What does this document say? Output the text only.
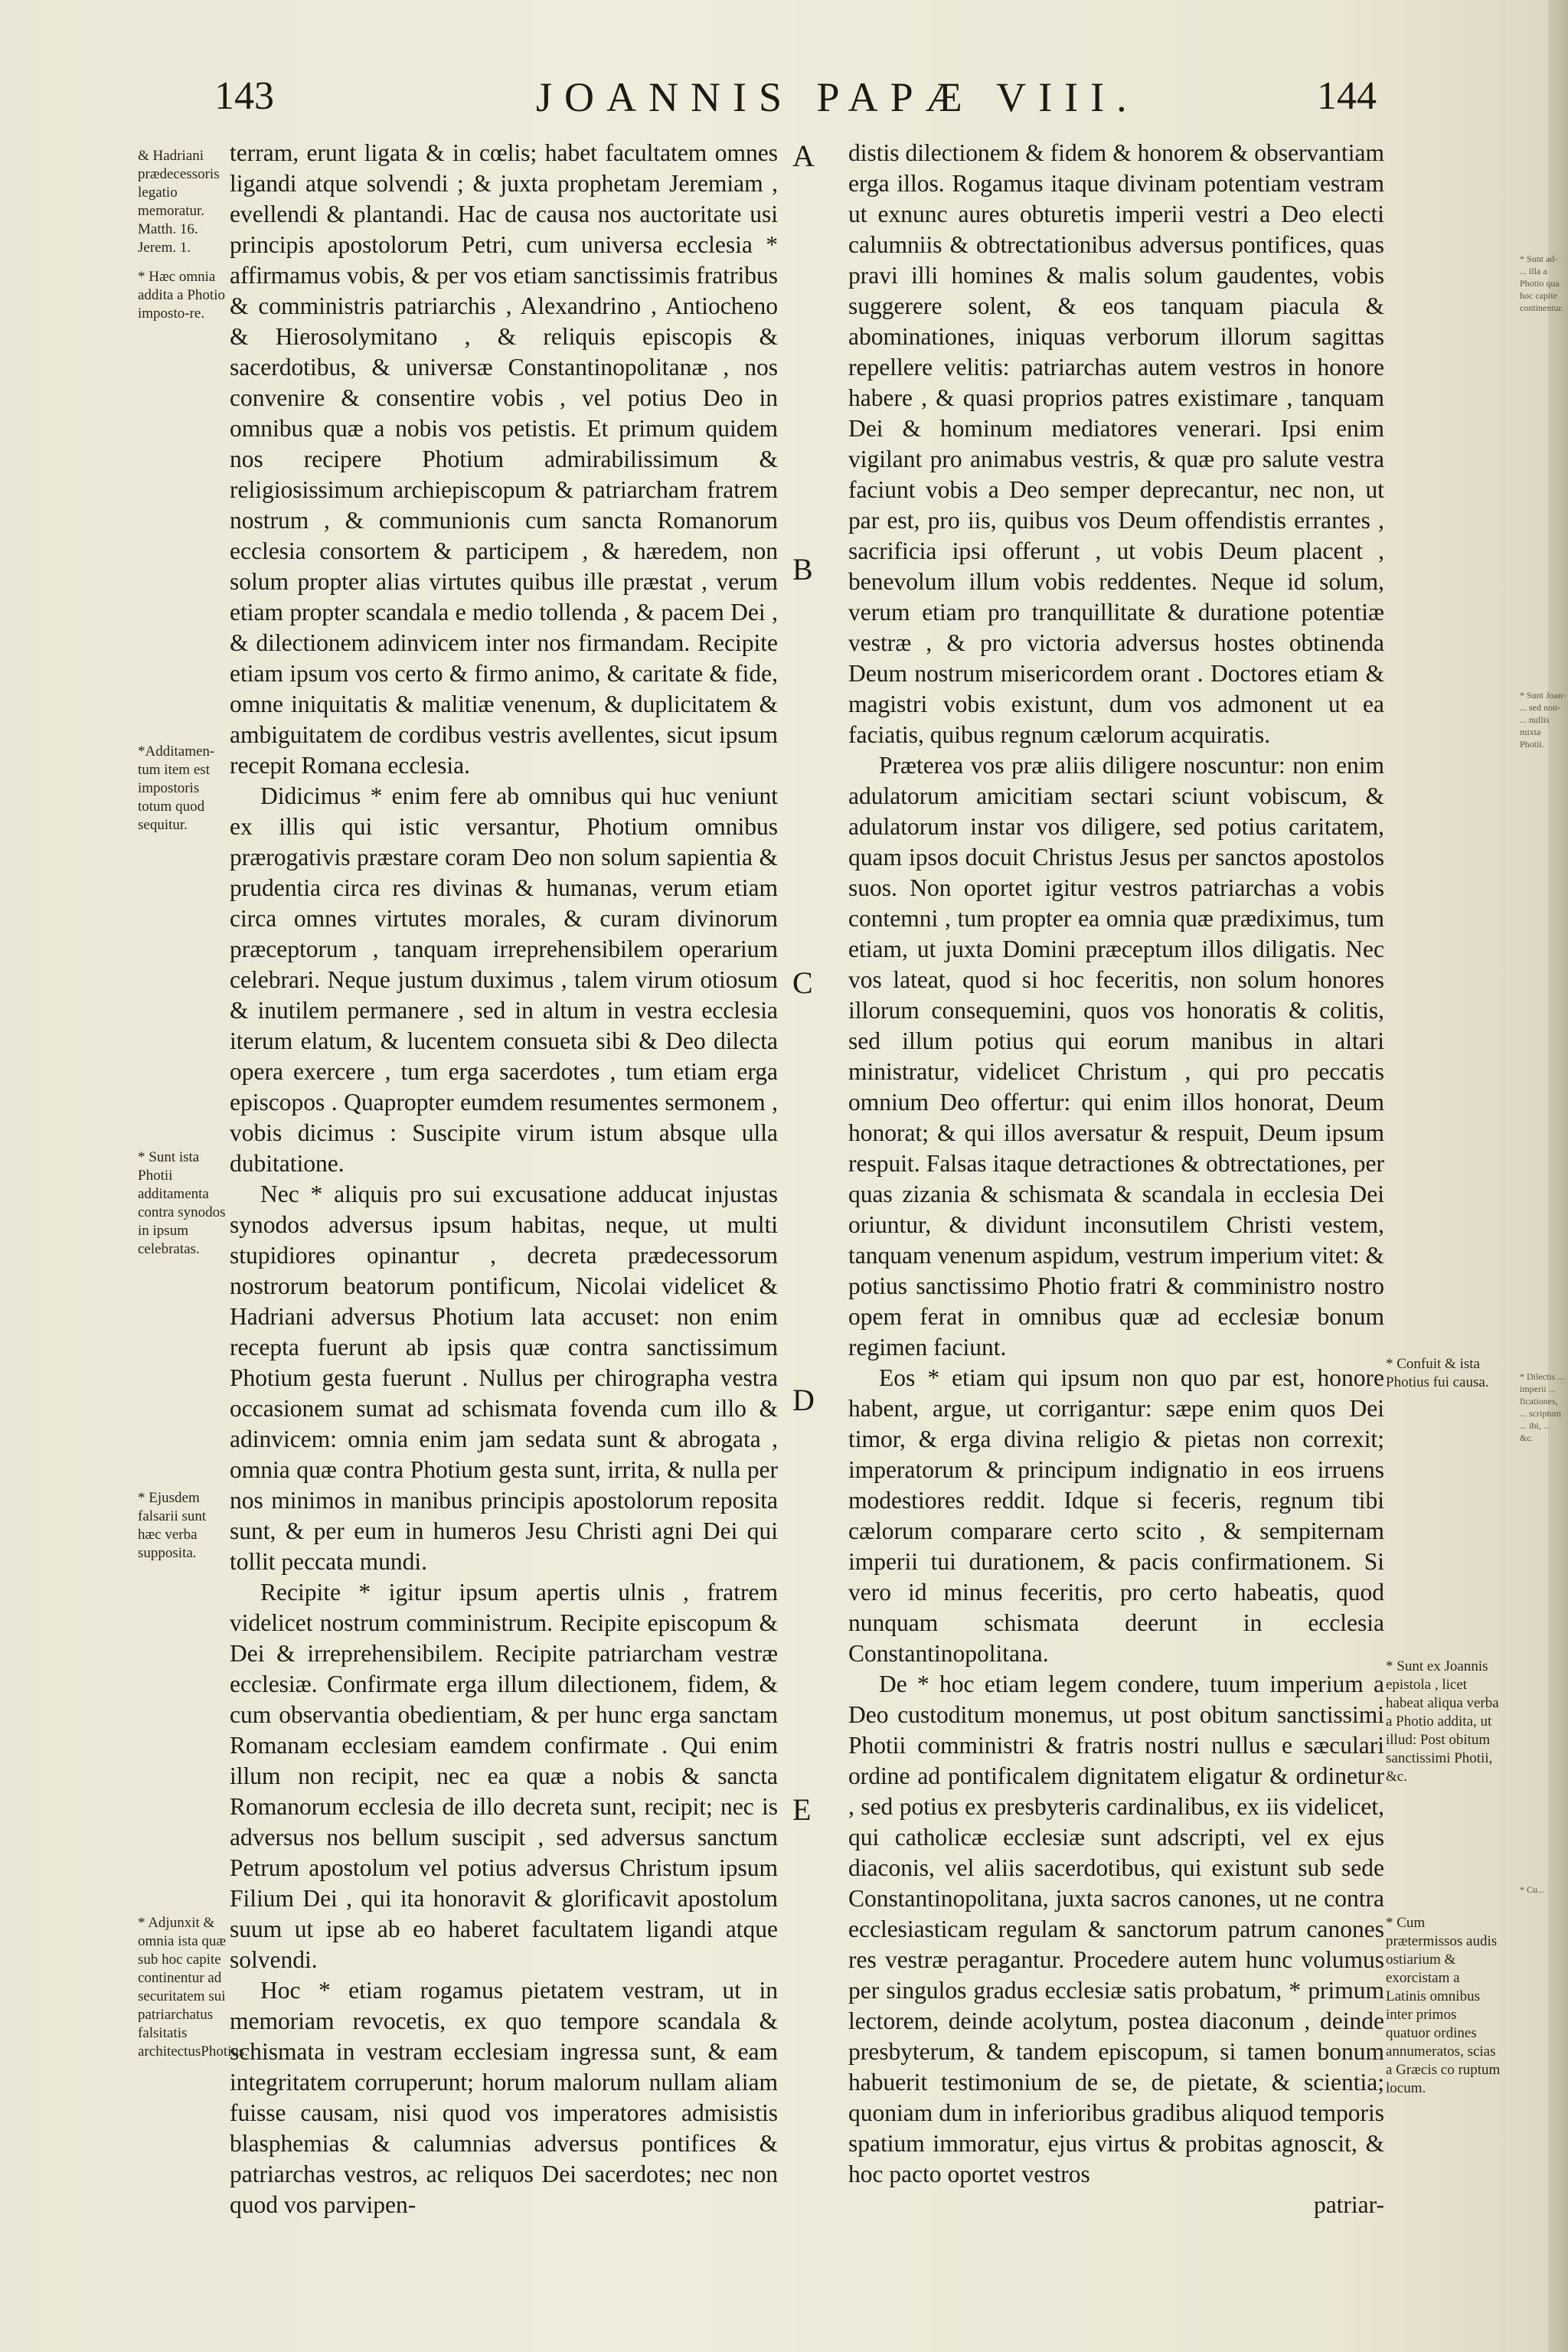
143	JOANNIS PAPÆ VIII.	144
A
B
C
D
E
& Hadriani prædecessoris legatio memoratur. Matth. 16. Jerem. 1.
* Hæc omnia addita a Photio imposto-re.
*Additamen-tum item est impostoris totum quod sequitur.
* Sunt ista Photii additamenta contra synodos in ipsum celebratas.
* Ejusdem falsarii sunt hæc verba supposita.
* Adjunxit & omnia ista quæ sub hoc capite continentur ad securitatem sui patriarchatus falsitatis architectusPhotius.
* Confuit & ista Photius fui causa.
* Sunt ex Joannis epistola , licet habeat aliqua verba a Photio addita, ut illud: Post obitum sanctissimi Photii, &c.
* Cum prætermissos audis ostiarium & exorcistam a Latinis omnibus inter primos quatuor ordines annumeratos, scias a Græcis co ruptum locum.
* Sunt ad- ... illa a Photio qua hoc capite continentur.
* Sunt Joan- ... sed non- ... nullis mixta Photii.
* Dilectis ... imperii ... ficationes, ... scriptum ... ibi, ... &c.
* Cu...

terram, erunt ligata & in cœlis; habet facultatem omnes ligandi atque solvendi ; & juxta prophetam Jeremiam , evellendi & plantandi. Hac de causa nos auctoritate usi principis apostolorum Petri, cum universa ecclesia * affirmamus vobis, & per vos etiam sanctissimis fratribus & comministris patriarchis , Alexandrino , Antiocheno & Hierosolymitano , & reliquis episcopis & sacerdotibus, & universæ Constantinopolitanæ , nos convenire & consentire vobis , vel potius Deo in omnibus quæ a nobis vos petistis. Et primum quidem nos recipere Photium admirabilissimum & religiosissimum archiepiscopum & patriarcham fratrem nostrum , & communionis cum sancta Romanorum ecclesia consortem & participem , & hæredem, non solum propter alias virtutes quibus ille præstat , verum etiam propter scandala e medio tollenda , & pacem Dei , & dilectionem adinvicem inter nos firmandam. Recipite etiam ipsum vos certo & firmo animo, & caritate & fide, omne iniquitatis & malitiæ venenum, & duplicitatem & ambiguitatem de cordibus vestris avellentes, sicut ipsum recepit Romana ecclesia.

Didicimus * enim fere ab omnibus qui huc veniunt ex illis qui istic versantur, Photium omnibus prærogativis præstare coram Deo non solum sapientia & prudentia circa res divinas & humanas, verum etiam circa omnes virtutes morales, & curam divinorum præceptorum , tanquam irreprehensibilem operarium celebrari. Neque justum duximus , talem virum otiosum & inutilem permanere , sed in altum in vestra ecclesia iterum elatum, & lucentem consueta sibi & Deo dilecta opera exercere , tum erga sacerdotes , tum etiam erga episcopos . Quapropter eumdem resumentes sermonem , vobis dicimus : Suscipite virum istum absque ulla dubitatione.

Nec * aliquis pro sui excusatione adducat injustas synodos adversus ipsum habitas, neque, ut multi stupidiores opinantur , decreta prædecessorum nostrorum beatorum pontificum, Nicolai videlicet & Hadriani adversus Photium lata accuset: non enim recepta fuerunt ab ipsis quæ contra sanctissimum Photium gesta fuerunt . Nullus per chirographa vestra occasionem sumat ad schismata fovenda cum illo & adinvicem: omnia enim jam sedata sunt & abrogata , omnia quæ contra Photium gesta sunt, irrita, & nulla per nos minimos in manibus principis apostolorum reposita sunt, & per eum in humeros Jesu Christi agni Dei qui tollit peccata mundi.

Recipite * igitur ipsum apertis ulnis , fratrem videlicet nostrum comministrum. Recipite episcopum & Dei & irreprehensibilem. Recipite patriarcham vestræ ecclesiæ. Confirmate erga illum dilectionem, fidem, & cum observantia obedientiam, & per hunc erga sanctam Romanam ecclesiam eamdem confirmate . Qui enim illum non recipit, nec ea quæ a nobis & sancta Romanorum ecclesia de illo decreta sunt, recipit; nec is adversus nos bellum suscipit , sed adversus sanctum Petrum apostolum vel potius adversus Christum ipsum Filium Dei , qui ita honoravit & glorificavit apostolum suum ut ipse ab eo haberet facultatem ligandi atque solvendi.

Hoc * etiam rogamus pietatem vestram, ut in memoriam revocetis, ex quo tempore scandala & schismata in vestram ecclesiam ingressa sunt, & eam integritatem corruperunt; horum malorum nullam aliam fuisse causam, nisi quod vos imperatores admisistis blasphemias & calumnias adversus pontifices & patriarchas vestros, ac reliquos Dei sacerdotes; nec non quod vos parvipen-

distis dilectionem & fidem & honorem & observantiam erga illos. Rogamus itaque divinam potentiam vestram ut exnunc aures obturetis imperii vestri a Deo electi calumniis & obtrectationibus adversus pontifices, quas pravi illi homines & malis solum gaudentes, vobis suggerere solent, & eos tanquam piacula & abominationes, iniquas verborum illorum sagittas repellere velitis: patriarchas autem vestros in honore habere , & quasi proprios patres existimare , tanquam Dei & hominum mediatores venerari. Ipsi enim vigilant pro animabus vestris, & quæ pro salute vestra faciunt vobis a Deo semper deprecantur, nec non, ut par est, pro iis, quibus vos Deum offendistis errantes , sacrificia ipsi offerunt , ut vobis Deum placent , benevolum illum vobis reddentes. Neque id solum, verum etiam pro tranquillitate & duratione potentiæ vestræ , & pro victoria adversus hostes obtinenda Deum nostrum misericordem orant . Doctores etiam & magistri vobis existunt, dum vos admonent ut ea faciatis, quibus regnum cælorum acquiratis.

Præterea vos præ aliis diligere noscuntur: non enim adulatorum amicitiam sectari sciunt vobiscum, & adulatorum instar vos diligere, sed potius caritatem, quam ipsos docuit Christus Jesus per sanctos apostolos suos. Non oportet igitur vestros patriarchas a vobis contemni , tum propter ea omnia quæ prædiximus, tum etiam, ut juxta Domini præceptum illos diligatis. Nec vos lateat, quod si hoc feceritis, non solum honores illorum consequemini, quos vos honoratis & colitis, sed illum potius qui eorum manibus in altari ministratur, videlicet Christum , qui pro peccatis omnium Deo offertur: qui enim illos honorat, Deum honorat; & qui illos aversatur & respuit, Deum ipsum respuit. Falsas itaque detractiones & obtrectationes, per quas zizania & schismata & scandala in ecclesia Dei oriuntur, & dividunt inconsutilem Christi vestem, tanquam venenum aspidum, vestrum imperium vitet: & potius sanctissimo Photio fratri & comministro nostro opem ferat in omnibus quæ ad ecclesiæ bonum regimen faciunt.

Eos * etiam qui ipsum non quo par est, honore habent, argue, ut corrigantur: sæpe enim quos Dei timor, & erga divina religio & pietas non correxit; imperatorum & principum indignatio in eos irruens modestiores reddit. Idque si feceris, regnum tibi cælorum comparare certo scito , & sempiternam imperii tui durationem, & pacis confirmationem. Si vero id minus feceritis, pro certo habeatis, quod nunquam schismata deerunt in ecclesia Constantinopolitana.

De * hoc etiam legem condere, tuum imperium a Deo custoditum monemus, ut post obitum sanctissimi Photii comministri & fratris nostri nullus e sæculari ordine ad pontificalem dignitatem eligatur & ordinetur , sed potius ex presbyteris cardinalibus, ex iis videlicet, qui catholicæ ecclesiæ sunt adscripti, vel ex ejus diaconis, vel aliis sacerdotibus, qui existunt sub sede Constantinopolitana, juxta sacros canones, ut ne contra ecclesiasticam regulam & sanctorum patrum canones res vestræ peragantur. Procedere autem hunc volumus per singulos gradus ecclesiæ satis probatum, * primum lectorem, deinde acolytum, postea diaconum , deinde presbyterum, & tandem episcopum, si tamen bonum habuerit testimonium de se, de pietate, & scientia; quoniam dum in inferioribus gradibus aliquod temporis spatium immoratur, ejus virtus & probitas agnoscit, & hoc pacto oportet vestros

patriar-
